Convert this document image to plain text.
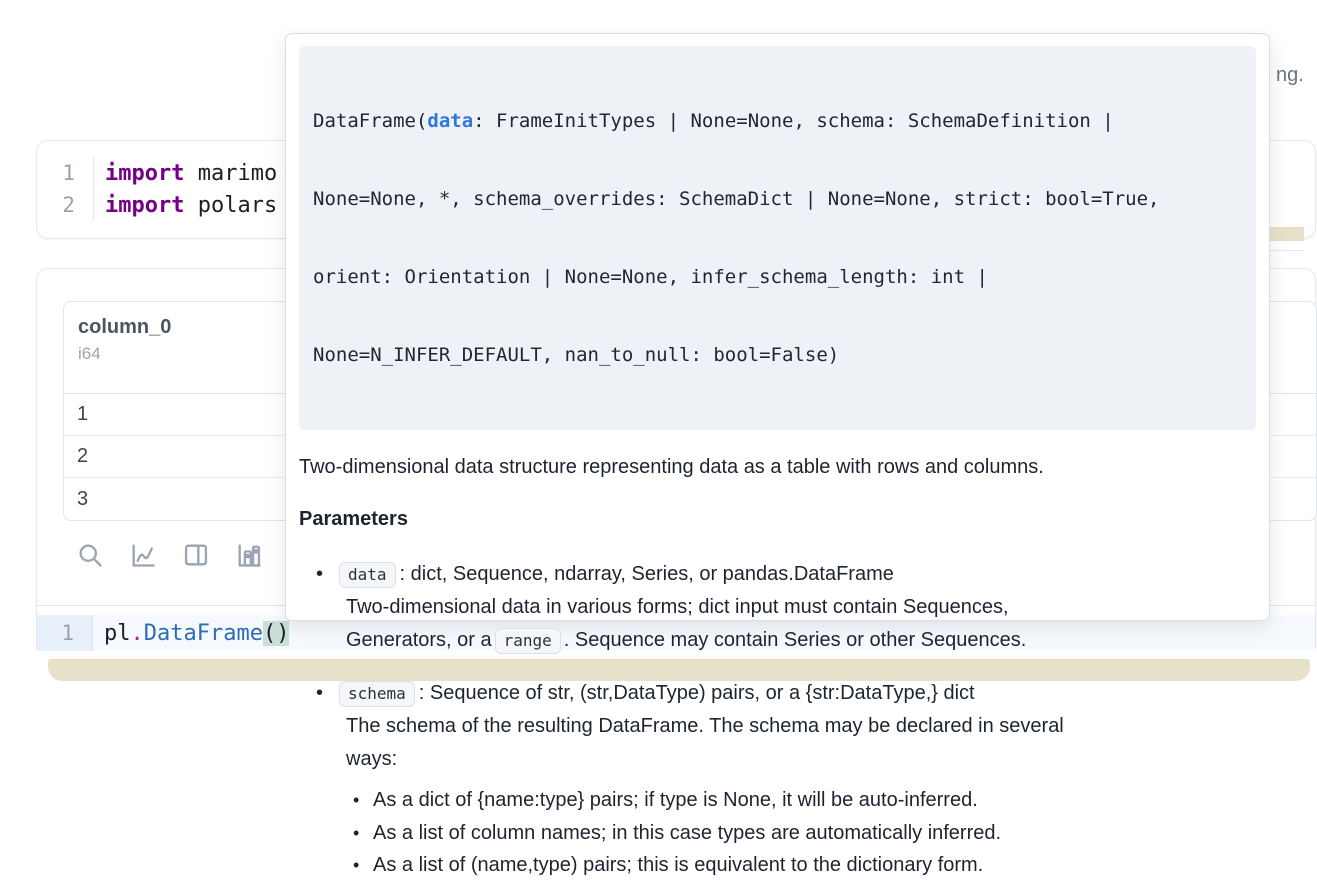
ng.
1	import marimo
2	import polars
column_0
i64
1
2
3
1	pl . DataFrame ( )

DataFrame(data: FrameInitTypes | None=None, schema: SchemaDefinition |

None=None, *, schema_overrides: SchemaDict | None=None, strict: bool=True,

orient: Orientation | None=None, infer_schema_length: int |

None=N_INFER_DEFAULT, nan_to_null: bool=False)

Two-dimensional data structure representing data as a table with rows and columns.
Parameters
•	data : dict, Sequence, ndarray, Series, or pandas.DataFrame
Two-dimensional data in various forms; dict input must contain Sequences,
Generators, or a range . Sequence may contain Series or other Sequences.
•	schema : Sequence of str, (str,DataType) pairs, or a {str:DataType,} dict
The schema of the resulting DataFrame. The schema may be declared in several
ways:
• As a dict of {name:type} pairs; if type is None, it will be auto-inferred.
• As a list of column names; in this case types are automatically inferred.
• As a list of (name,type) pairs; this is equivalent to the dictionary form.
